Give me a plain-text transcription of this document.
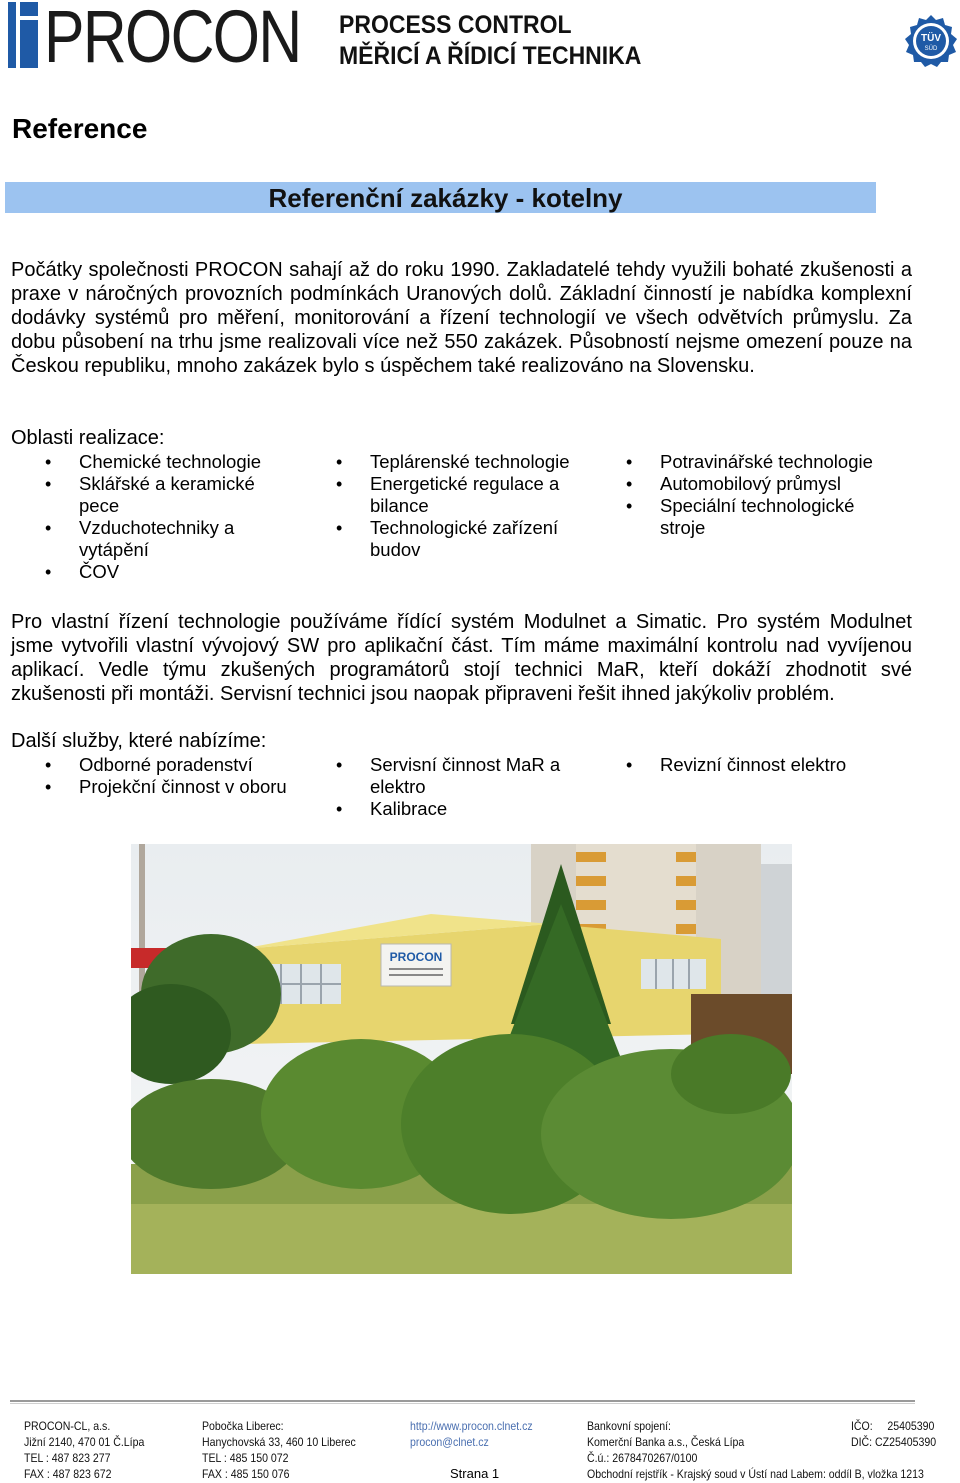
PROCON PROCESS CONTROL
MĚŘICÍ A ŘÍDICÍ TECHNIKA
TÜV
SÜD
Reference
Referenční zakázky - kotelny
Počátky společnosti PROCON sahají až do roku 1990. Zakladatelé tehdy využili bohaté zkušenosti a praxe v náročných provozních podmínkách Uranových dolů. Základní činností je nabídka komplexní dodávky systémů pro měření, monitorování a řízení technologií ve všech odvětvích průmyslu. Za dobu působení na trhu jsme realizovali více než 550 zakázek. Působností nejsme omezení pouze na Českou republiku, mnoho zakázek bylo s úspěchem také realizováno na Slovensku.
Oblasti realizace:
• Chemické technologie
• Sklářské a keramické pece
• Vzduchotechniky a vytápění
• ČOV
• Teplárenské technologie
• Energetické regulace a bilance
• Technologické zařízení budov
• Potravinářské technologie
• Automobilový průmysl
• Speciální technologické stroje
Pro vlastní řízení technologie používáme řídící systém Modulnet a Simatic. Pro systém Modulnet jsme vytvořili vlastní vývojový SW pro aplikační část. Tím máme maximální kontrolu nad vyvíjenou aplikací. Vedle týmu zkušených programátorů stojí technici MaR, kteří dokáží zhodnotit své zkušenosti při montáži. Servisní technici jsou naopak připraveni řešit ihned jakýkoliv problém.
Další služby, které nabízíme:
• Odborné poradenství
• Projekční činnost v oboru
• Servisní činnost MaR a elektro
• Kalibrace
• Revizní činnost elektro
PROCON
PROCON-CL, a.s.
Jižní 2140, 470 01 Č.Lípa
TEL : 487 823 277
FAX : 487 823 672
Pobočka Liberec:
Hanychovská 33, 460 10 Liberec
TEL : 485 150 072
FAX : 485 150 076
http://www.procon.clnet.cz
procon@clnet.cz
Bankovní spojení:
Komerční Banka a.s., Česká Lípa
Č.ú.: 2678470267/0100
Obchodní rejstřík - Krajský soud v Ústí nad Labem: oddíl B, vložka 1213
IČO:     25405390
DIČ: CZ25405390
Strana 1
